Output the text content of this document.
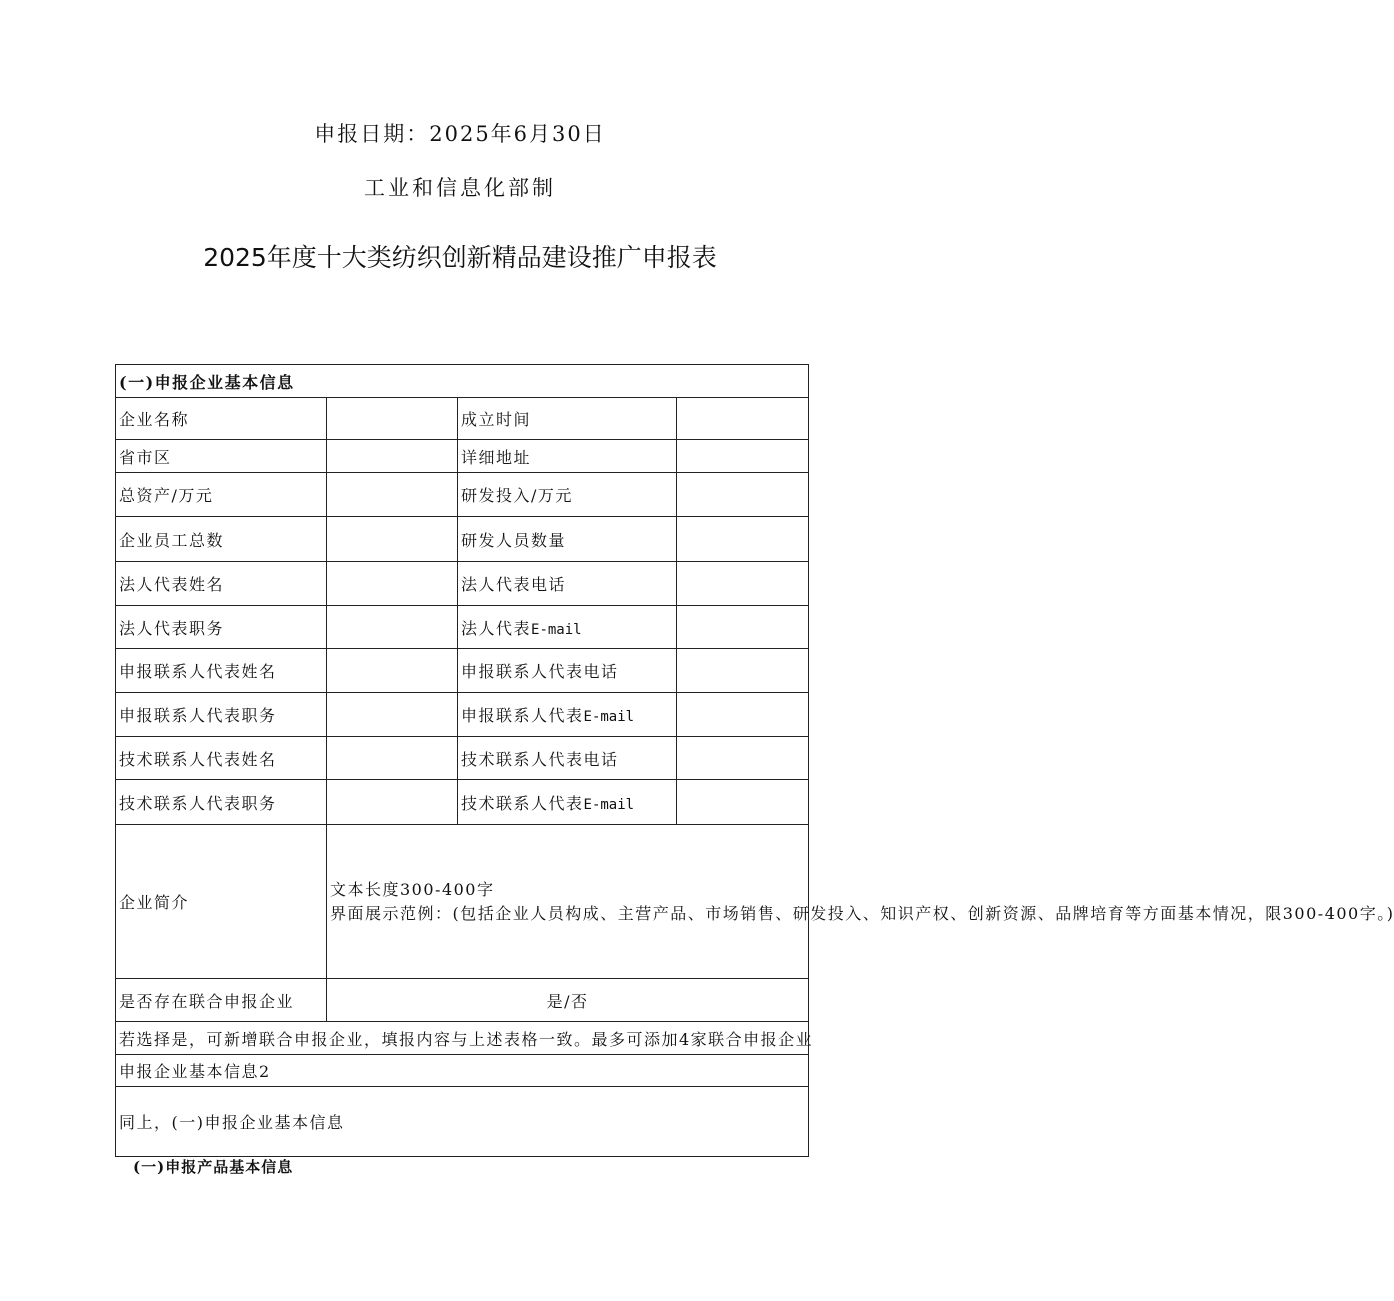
申报日期：2025年6月30日
工业和信息化部制
2025年度十大类纺织创新精品建设推广申报表
(一)申报企业基本信息			
企业名称		成立时间	
省市区		详细地址	
总资产/万元		研发投入/万元	
企业员工总数		研发人员数量	
法人代表姓名		法人代表电话	
法人代表职务		法人代表E-mail	
申报联系人代表姓名		申报联系人代表电话	
申报联系人代表职务		申报联系人代表E-mail	
技术联系人代表姓名		技术联系人代表电话	
技术联系人代表职务		技术联系人代表E-mail	
企业简介	文本长度300-400字
界面展示范例：(包括企业人员构成、主营产品、市场销售、研发投入、知识产权、创新资源、品牌培育等方面基本情况，限300-400字。)		

是否存在联合申报企业	是/否		
若选择是，可新增联合申报企业，填报内容与上述表格一致。最多可添加4家联合申报企业			
申报企业基本信息2			
同上，(一)申报企业基本信息			
(一)申报产品基本信息
